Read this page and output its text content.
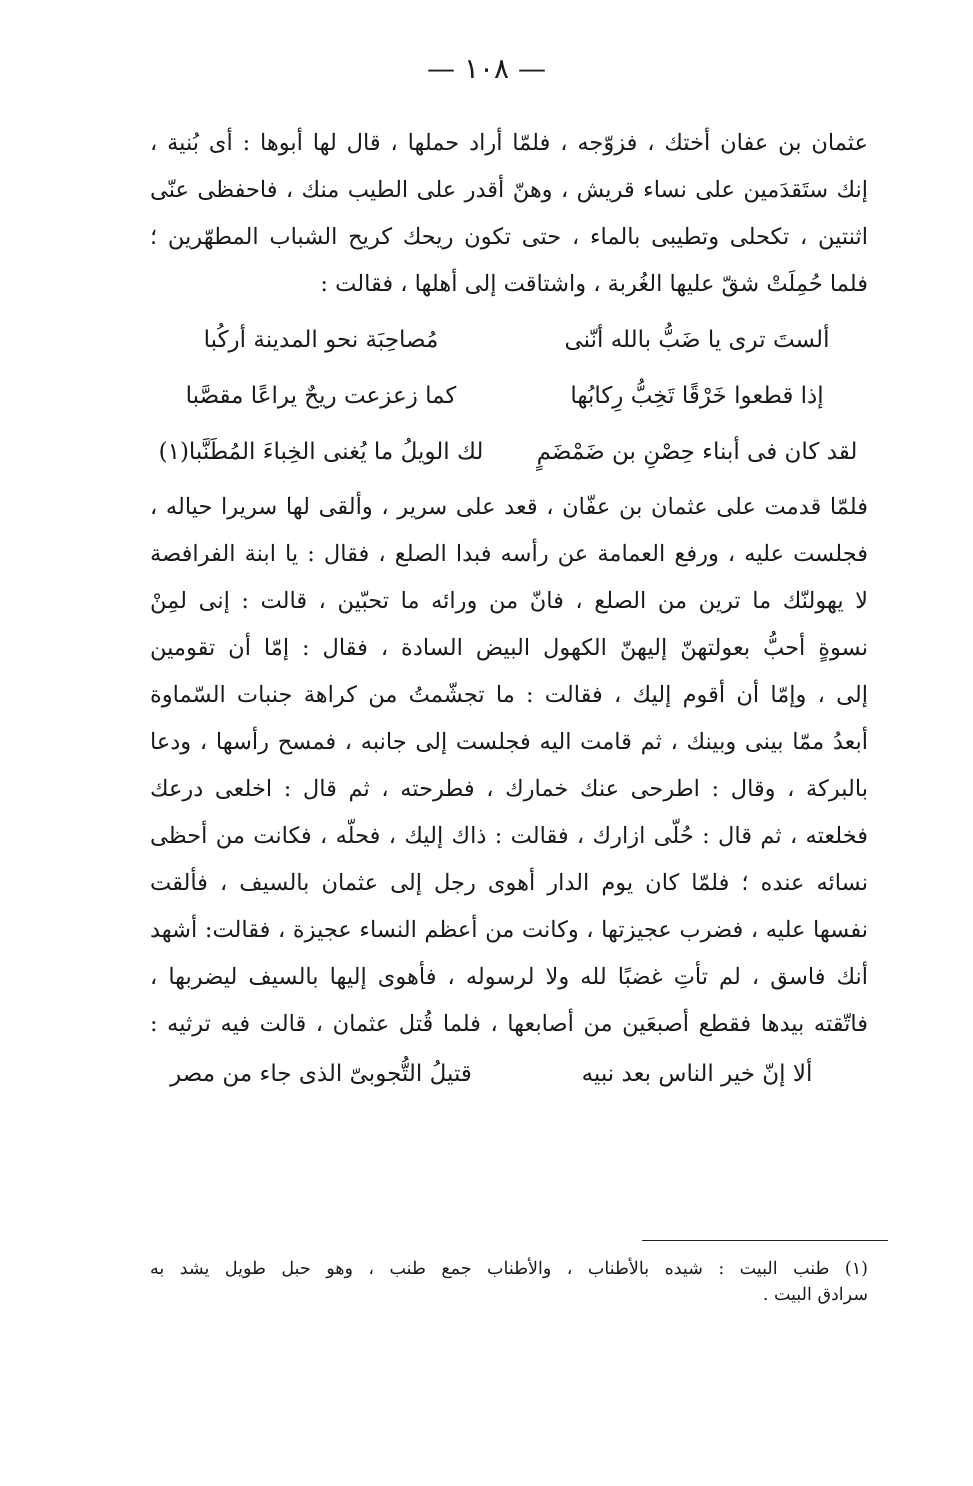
— ١٠٨ —
عثمان بن عفان أختك ، فزوّجه ، فلمّا أراد حملها ، قال لها أبوها : أى بُنية ،
إنك ستَقدَمين على نساء قريش ، وهنّ أقدر على الطيب منك ، فاحفظى عنّى
اثنتين ، تكحلى وتطيبى بالماء ، حتى تكون ريحك كريح الشباب المطهّرين ؛
فلما حُمِلَتْ شقّ عليها الغُربة ، واشتاقت إلى أهلها ، فقالت :
ألستَ ترى يا ضَبُّ بالله أنّنى
مُصاحِبَة نحو المدينة أركُبا
إذا قطعوا خَرْقًا تَخِبُّ رِكابُها
كما زعزعت ريحٌ يراعًا مقصَّبا
لقد كان فى أبناء حِصْنِ بن ضَمْضَمٍ
لك الويلُ ما يُغنى الخِباءَ المُطَنَّبا(١)
فلمّا قدمت على عثمان بن عفّان ، قعد على سرير ، وألقى لها سريرا حياله ،
فجلست عليه ، ورفع العمامة عن رأسه فبدا الصلع ، فقال : يا ابنة الفرافصة
لا يهولنّك ما ترين من الصلع ، فانّ من ورائه ما تحبّين ، قالت : إنى لمِنْ
نسوةٍ أحبُّ بعولتهنّ إليهنّ الكهول البيض السادة ، فقال : إمّا أن تقومين
إلى ، وإمّا أن أقوم إليك ، فقالت : ما تجشّمتُ من كراهة جنبات السّماوة
أبعدُ ممّا بينى وبينك ، ثم قامت اليه فجلست إلى جانبه ، فمسح رأسها ، ودعا
بالبركة ، وقال : اطرحى عنك خمارك ، فطرحته ، ثم قال : اخلعى درعك
فخلعته ، ثم قال : حُلّى ازارك ، فقالت : ذاك إليك ، فحلّه ، فكانت من أحظى
نسائه عنده ؛ فلمّا كان يوم الدار أهوى رجل إلى عثمان بالسيف ، فألقت
نفسها عليه ، فضرب عجيزتها ، وكانت من أعظم النساء عجيزة ، فقالت: أشهد
أنك فاسق ، لم تأتِ غضبًا لله ولا لرسوله ، فأهوى إليها بالسيف ليضربها ،
فاتّقته بيدها فقطع أصبعَين من أصابعها ، فلما قُتل عثمان ، قالت فيه ترثيه :
ألا إنّ خير الناس بعد نبيه
قتيلُ التُّجوبىّ الذى جاء من مصر
(١) طنب البيت : شيده بالأطناب ، والأطناب جمع طنب ، وهو حبل طويل يشد به
سرادق البيت .
